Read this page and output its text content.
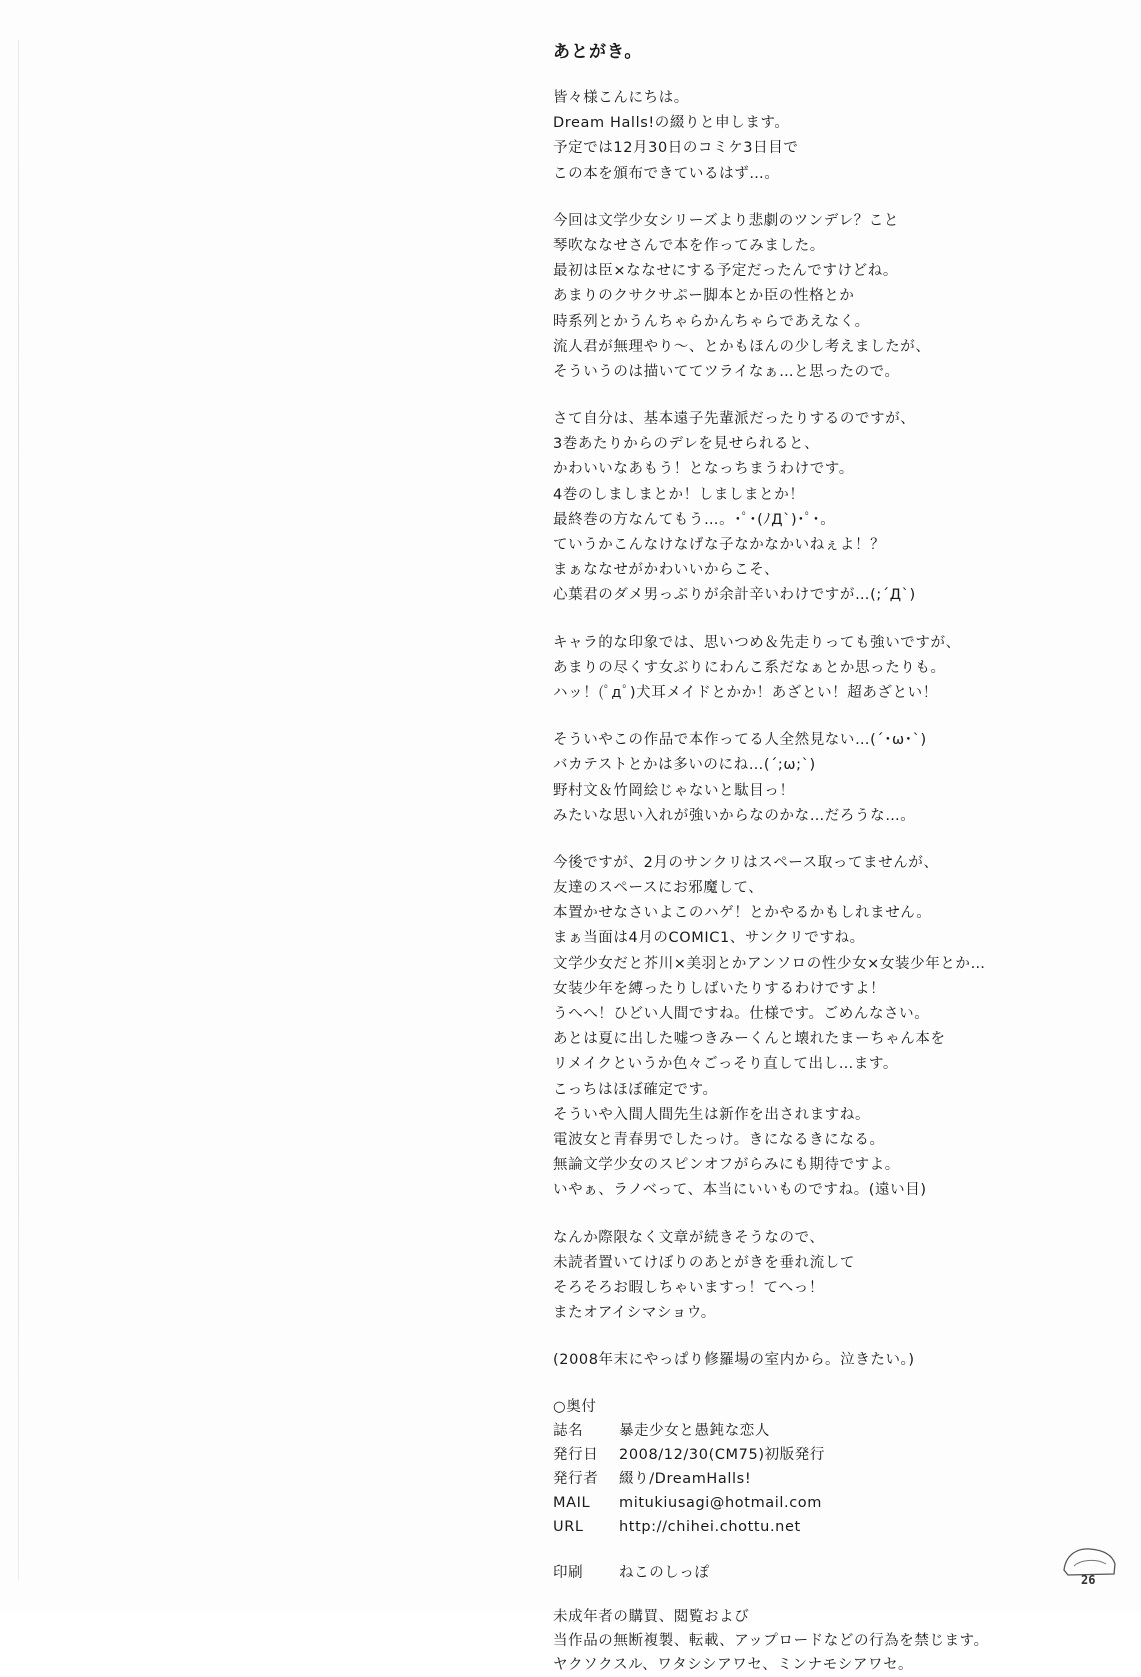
あとがき。
皆々様こんにちは。
Dream Halls!の綴りと申します。
予定では12月30日のコミケ3日目で
この本を頒布できているはず…。
今回は文学少女シリーズより悲劇のツンデレ？こと
琴吹ななせさんで本を作ってみました。
最初は臣×ななせにする予定だったんですけどね。
あまりのクサクサぷー脚本とか臣の性格とか
時系列とかうんちゃらかんちゃらであえなく。
流人君が無理やり～、とかもほんの少し考えましたが、
そういうのは描いててツライなぁ…と思ったので。
さて自分は、基本遠子先輩派だったりするのですが、
3巻あたりからのデレを見せられると、
かわいいなあもう！となっちまうわけです。
4巻のしましまとか！しましまとか！
最終巻の方なんてもう…。･ﾟ･(ﾉД`)･ﾟ･。
ていうかこんなけなげな子なかなかいねぇよ！？
まぁななせがかわいいからこそ、
心葉君のダメ男っぷりが余計辛いわけですが…(;´Д`)
キャラ的な印象では、思いつめ＆先走りっても強いですが、
あまりの尽くす女ぶりにわんこ系だなぁとか思ったりも。
ハッ！(ﾟдﾟ)犬耳メイドとかか！あざとい！超あざとい！
そういやこの作品で本作ってる人全然見ない…(´･ω･`)
バカテストとかは多いのにね…(´;ω;`)
野村文＆竹岡絵じゃないと駄目っ！
みたいな思い入れが強いからなのかな…だろうな…。
今後ですが、2月のサンクリはスペース取ってませんが、
友達のスペースにお邪魔して、
本置かせなさいよこのハゲ！とかやるかもしれません。
まぁ当面は4月のCOMIC1、サンクリですね。
文学少女だと芥川×美羽とかアンソロの性少女×女装少年とか…
女装少年を縛ったりしばいたりするわけですよ！
うへへ！ひどい人間ですね。仕様です。ごめんなさい。
あとは夏に出した嘘つきみーくんと壊れたまーちゃん本を
リメイクというか色々ごっそり直して出し…ます。
こっちはほぼ確定です。
そういや入間人間先生は新作を出されますね。
電波女と青春男でしたっけ。きになるきになる。
無論文学少女のスピンオフがらみにも期待ですよ。
いやぁ、ラノベって、本当にいいものですね。(遠い目)
なんか際限なく文章が続きそうなので、
未読者置いてけぼりのあとがきを垂れ流して
そろそろお暇しちゃいますっ！てへっ！
またオアイシマショウ。
(2008年末にやっぱり修羅場の室内から。泣きたい。)
○奥付
誌名	暴走少女と愚鈍な恋人
発行日	2008/12/30(CM75)初版発行
発行者	綴り/DreamHalls!
MAIL	mitukiusagi@hotmail.com
URL	http://chihei.chottu.net
印刷	ねこのしっぽ
未成年者の購買、閲覧および
当作品の無断複製、転載、アップロードなどの行為を禁じます。
ヤクソクスル、ワタシシアワセ、ミンナモシアワセ。
26
